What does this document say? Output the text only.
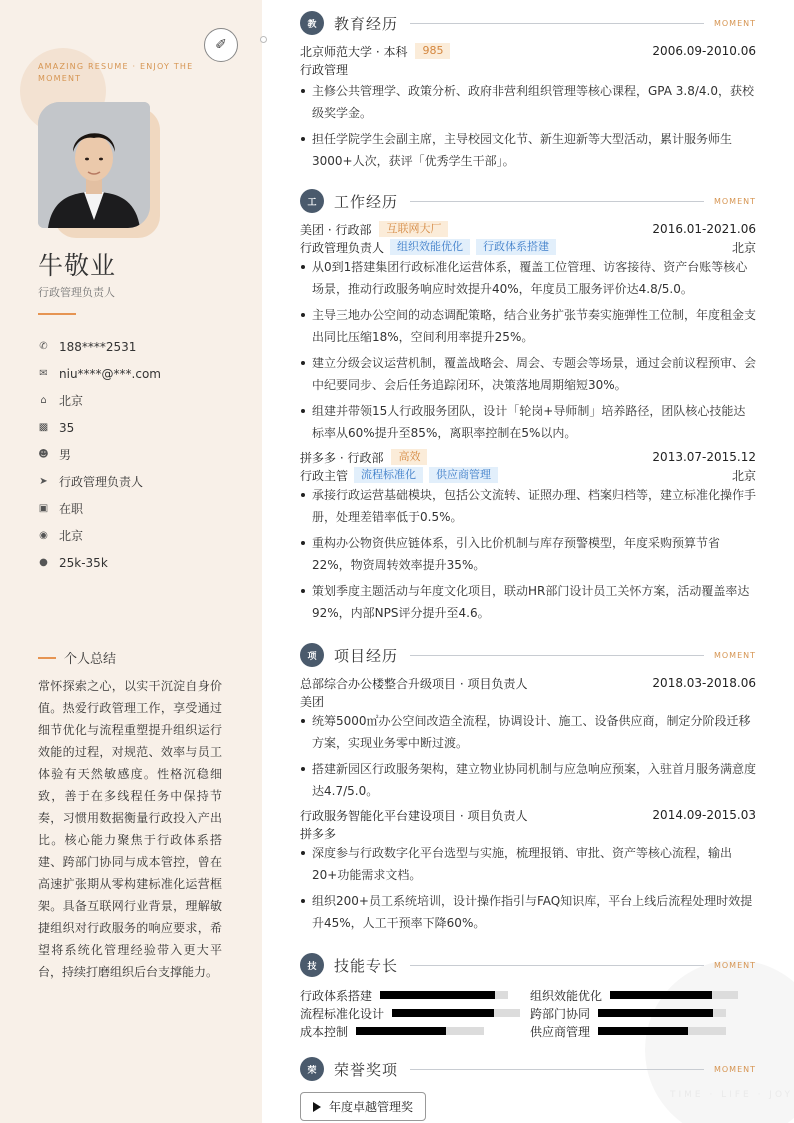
AMAZING RESUME · ENJOY THE MOMENT
牛敬业
行政管理负责人
✆ 188****2531
✉ niu****@***.com
⌂ 北京
▩ 35
☻ 男
➤ 行政管理负责人
▣ 在职
◉ 北京
● 25k-35k
个人总结
常怀探索之心，以实干沉淀自身价值。热爱行政管理工作，享受通过细节优化与流程重塑提升组织运行效能的过程，对规范、效率与员工体验有天然敏感度。性格沉稳细致，善于在多线程任务中保持节奏，习惯用数据衡量行政投入产出比。核心能力聚焦于行政体系搭建、跨部门协同与成本管控，曾在高速扩张期从零构建标准化运营框架。具备互联网行业背景，理解敏捷组织对行政服务的响应要求，希望将系统化管理经验带入更大平台，持续打磨组织后台支撑能力。
✐
TIME · LIFE · JOY
教	教育经历	MOMENT
北京师范大学 · 本科	985	2006.09-2010.06
行政管理
主修公共管理学、政策分析、政府非营利组织管理等核心课程，GPA 3.8/4.0，获校级奖学金。
担任学院学生会副主席，主导校园文化节、新生迎新等大型活动，累计服务师生3000+人次，获评「优秀学生干部」。
工	工作经历	MOMENT
美团 · 行政部	互联网大厂	2016.01-2021.06
行政管理负责人	组织效能优化	行政体系搭建	北京
从0到1搭建集团行政标准化运营体系，覆盖工位管理、访客接待、资产台账等核心场景，推动行政服务响应时效提升40%，年度员工服务评价达4.8/5.0。
主导三地办公空间的动态调配策略，结合业务扩张节奏实施弹性工位制，年度租金支出同比压缩18%，空间利用率提升25%。
建立分级会议运营机制，覆盖战略会、周会、专题会等场景，通过会前议程预审、会中纪要同步、会后任务追踪闭环，决策落地周期缩短30%。
组建并带领15人行政服务团队，设计「轮岗+导师制」培养路径，团队核心技能达标率从60%提升至85%，离职率控制在5%以内。
拼多多 · 行政部	高效	2013.07-2015.12
行政主管	流程标准化	供应商管理	北京
承接行政运营基础模块，包括公文流转、证照办理、档案归档等，建立标准化操作手册，处理差错率低于0.5%。
重构办公物资供应链体系，引入比价机制与库存预警模型，年度采购预算节省22%，物资周转效率提升35%。
策划季度主题活动与年度文化项目，联动HR部门设计员工关怀方案，活动覆盖率达92%，内部NPS评分提升至4.6。
项	项目经历	MOMENT
总部综合办公楼整合升级项目 · 项目负责人	2018.03-2018.06
美团
统筹5000㎡办公空间改造全流程，协调设计、施工、设备供应商，制定分阶段迁移方案，实现业务零中断过渡。
搭建新园区行政服务架构，建立物业协同机制与应急响应预案，入驻首月服务满意度达4.7/5.0。
行政服务智能化平台建设项目 · 项目负责人	2014.09-2015.03
拼多多
深度参与行政数字化平台选型与实施，梳理报销、审批、资产等核心流程，输出20+功能需求文档。
组织200+员工系统培训，设计操作指引与FAQ知识库，平台上线后流程处理时效提升45%，人工干预率下降60%。
技	技能专长	MOMENT
行政体系搭建	组织效能优化
流程标准化设计	跨部门协同
成本控制	供应商管理
荣	荣誉奖项	MOMENT
年度卓越管理奖
